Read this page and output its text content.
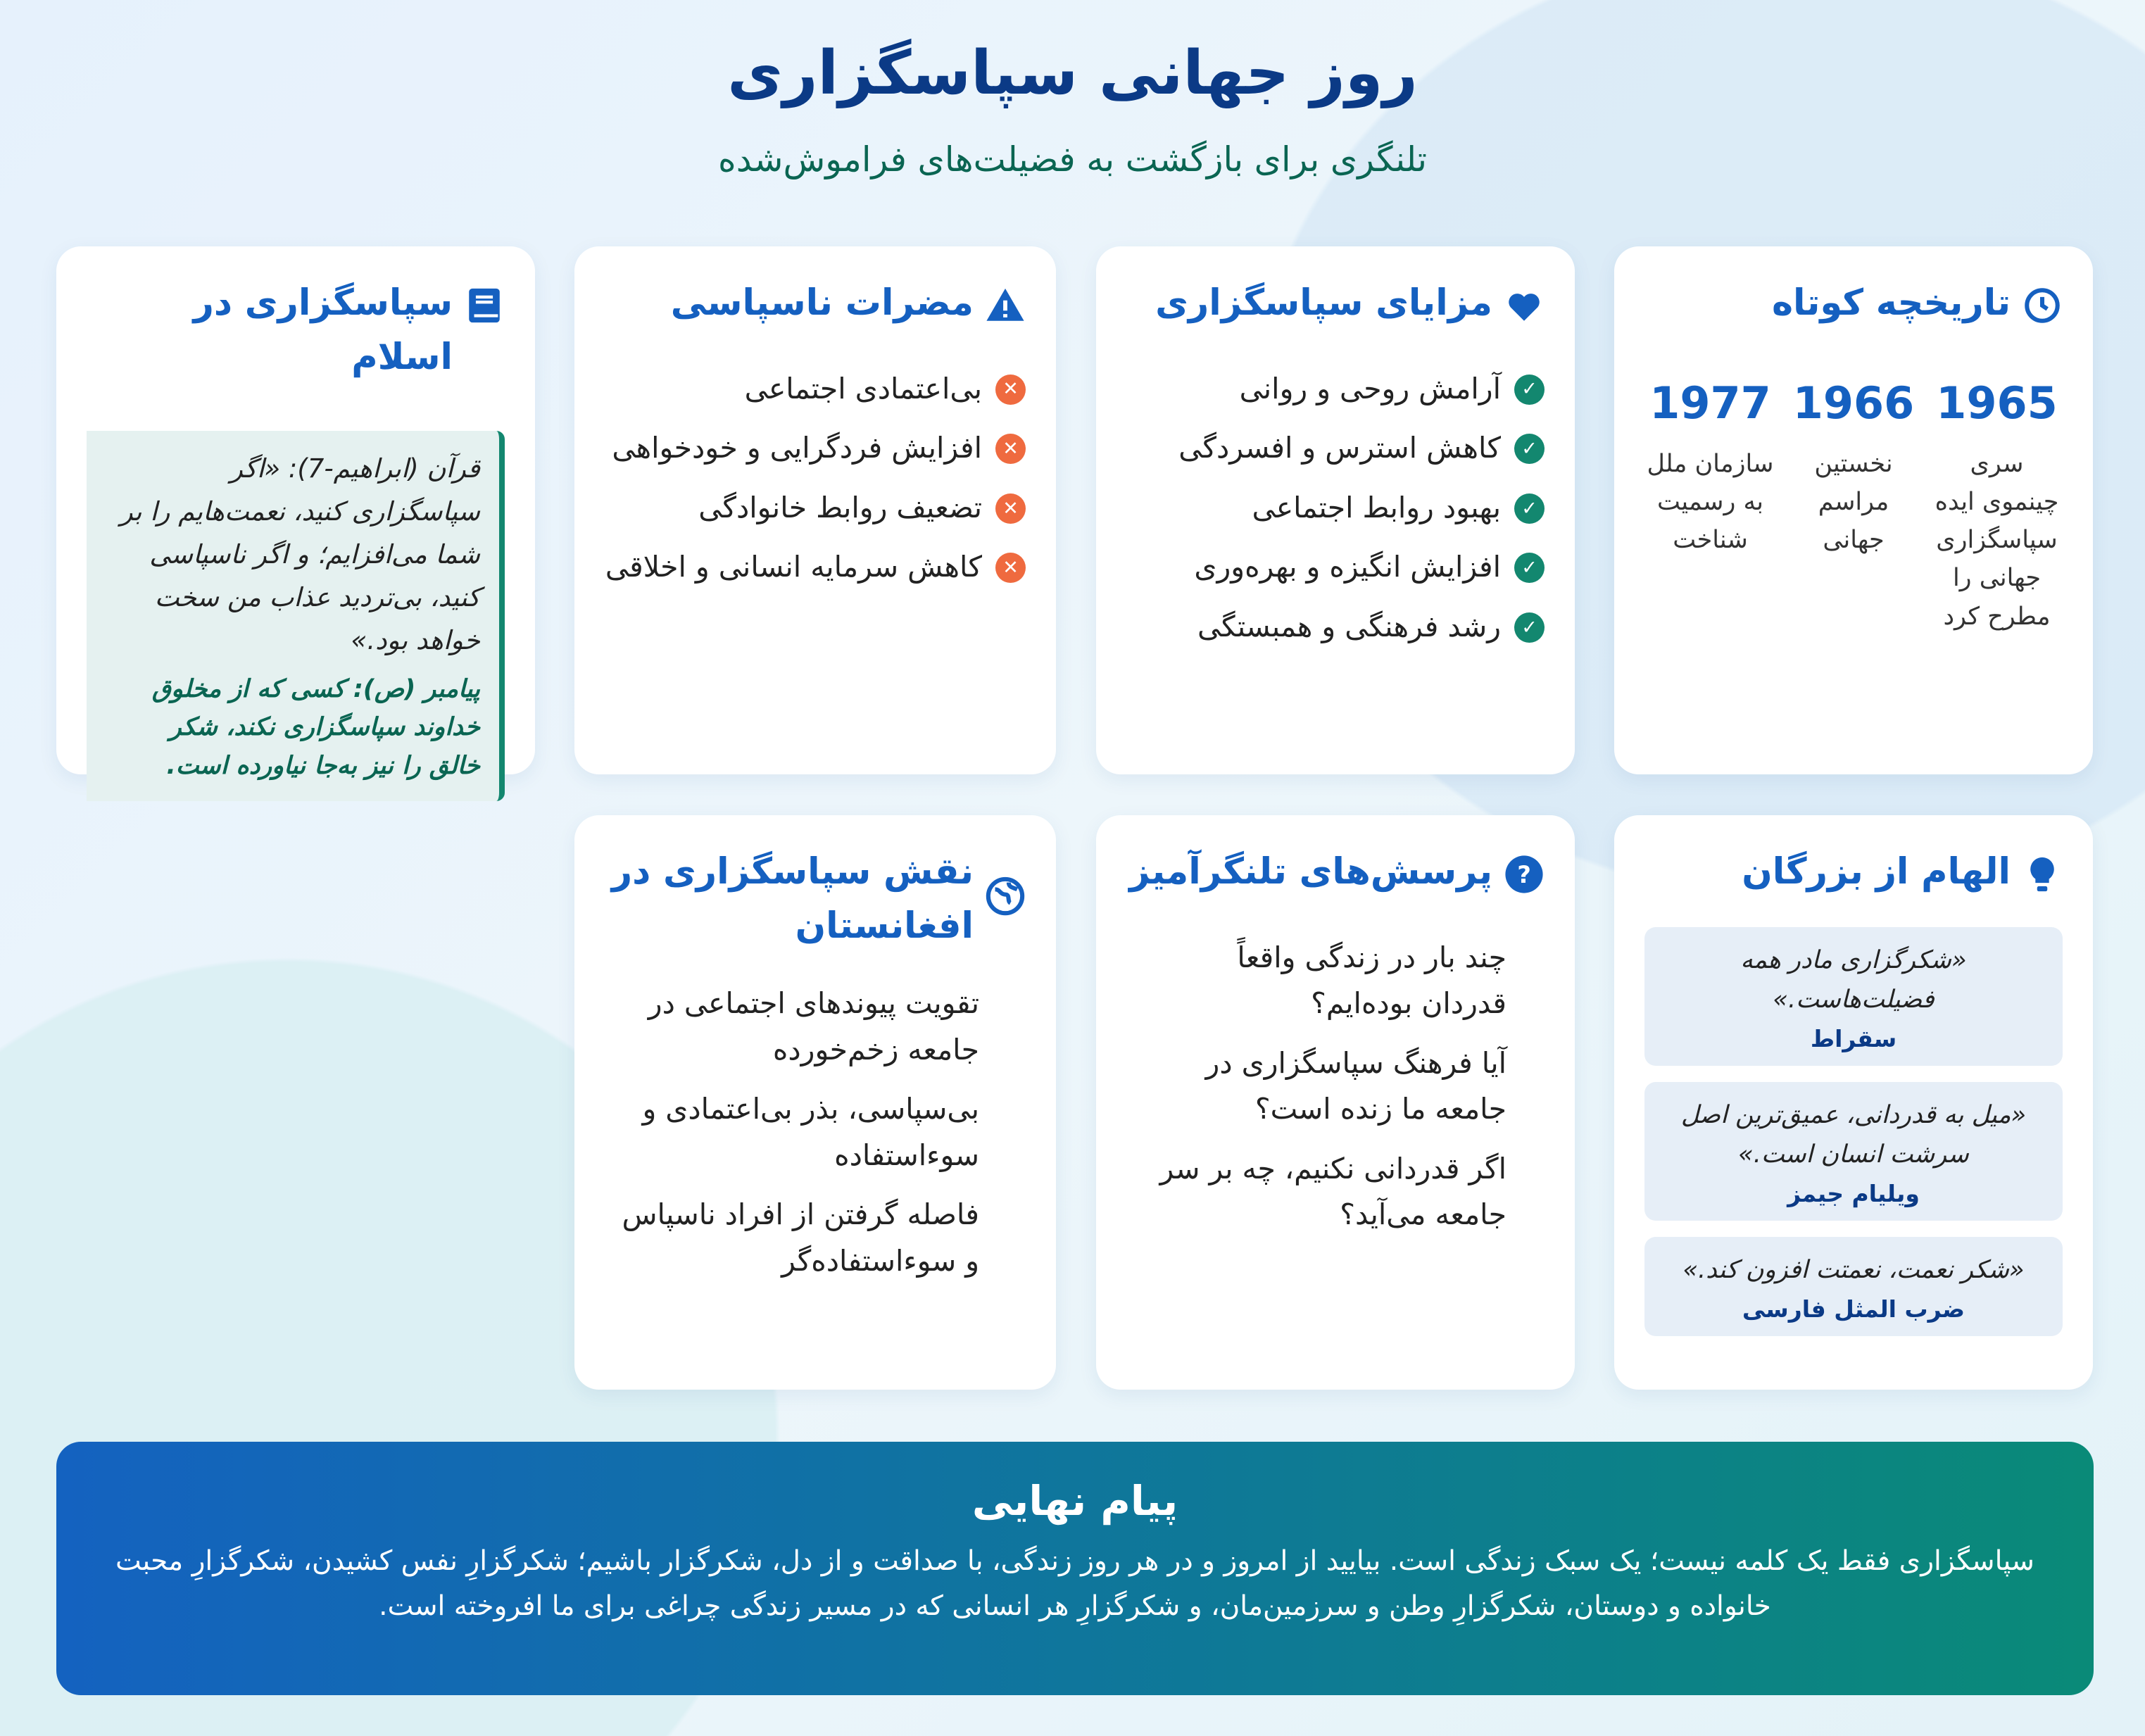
روز جهانی سپاسگزاری
تلنگری برای بازگشت به فضیلت‌های فراموش‌شده
تاریخچه کوتاه
1965
سری چینموی ایده سپاسگزاری جهانی را مطرح کرد
1966
نخستین مراسم جهانی
1977
سازمان ملل به رسمیت شناخت
مزایای سپاسگزاری
✓
آرامش روحی و روانی
✓
کاهش استرس و افسردگی
✓
بهبود روابط اجتماعی
✓
افزایش انگیزه و بهره‌وری
✓
رشد فرهنگی و همبستگی
مضرات ناسپاسی
✕
بی‌اعتمادی اجتماعی
✕
افزایش فردگرایی و خودخواهی
✕
تضعیف روابط خانوادگی
✕
کاهش سرمایه انسانی و اخلاقی
سپاسگزاری در اسلام
قرآن (ابراهیم-7): «اگر سپاسگزاری کنید، نعمت‌هایم را بر شما می‌افزایم؛ و اگر ناسپاسی کنید، بی‌تردید عذاب من سخت خواهد بود.»
پیامبر (ص): کسی که از مخلوق خداوند سپاسگزاری نکند، شکر خالق را نیز به‌جا نیاورده است.
الهام از بزرگان
«شکرگزاری مادر همه فضیلت‌هاست.»
سقراط
«میل به قدردانی، عمیق‌ترین اصل سرشت انسان است.»
ویلیام جیمز
«شکر نعمت، نعمتت افزون کند.»
ضرب المثل فارسی
?
پرسش‌های تلنگرآمیز
؟
چند بار در زندگی واقعاً قدردان بوده‌ایم؟
؟
آیا فرهنگ سپاسگزاری در جامعه ما زنده است؟
؟
اگر قدردانی نکنیم، چه بر سر جامعه می‌آید؟
نقش سپاسگزاری در افغانستان
←
تقویت پیوندهای اجتماعی در جامعه زخم‌خورده
←
بی‌سپاسی، بذر بی‌اعتمادی و سوءاستفاده
←
فاصله گرفتن از افراد ناسپاس و سوءاستفاده‌گر
پیام نهایی
سپاسگزاری فقط یک کلمه نیست؛ یک سبک زندگی است. بیایید از امروز و در هر روز زندگی، با صداقت و از دل، شکرگزار باشیم؛ شکرگزارِ نفس کشیدن، شکرگزارِ محبت خانواده و دوستان، شکرگزارِ وطن و سرزمین‌مان، و شکرگزارِ هر انسانی که در مسیر زندگی چراغی برای ما افروخته است.
